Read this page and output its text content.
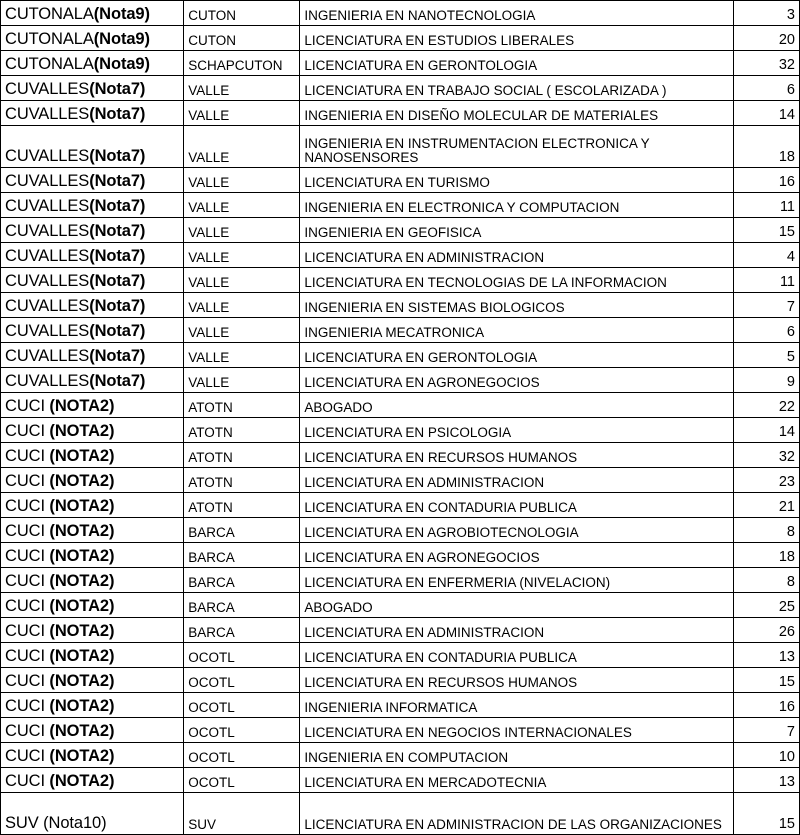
CUTONALA(Nota9)	CUTON	INGENIERIA EN NANOTECNOLOGIA	3
CUTONALA(Nota9)	CUTON	LICENCIATURA EN ESTUDIOS LIBERALES	20
CUTONALA(Nota9)	SCHAPCUTON	LICENCIATURA EN GERONTOLOGIA	32
CUVALLES(Nota7)	VALLE	LICENCIATURA EN TRABAJO SOCIAL ( ESCOLARIZADA )	6
CUVALLES(Nota7)	VALLE	INGENIERIA EN DISEÑO MOLECULAR DE MATERIALES	14
CUVALLES(Nota7)	VALLE	INGENIERIA EN INSTRUMENTACION ELECTRONICA Y NANOSENSORES	18
CUVALLES(Nota7)	VALLE	LICENCIATURA EN TURISMO	16
CUVALLES(Nota7)	VALLE	INGENIERIA EN ELECTRONICA Y COMPUTACION	11
CUVALLES(Nota7)	VALLE	INGENIERIA EN GEOFISICA	15
CUVALLES(Nota7)	VALLE	LICENCIATURA EN ADMINISTRACION	4
CUVALLES(Nota7)	VALLE	LICENCIATURA EN TECNOLOGIAS DE LA INFORMACION	11
CUVALLES(Nota7)	VALLE	INGENIERIA EN SISTEMAS BIOLOGICOS	7
CUVALLES(Nota7)	VALLE	INGENIERIA MECATRONICA	6
CUVALLES(Nota7)	VALLE	LICENCIATURA EN GERONTOLOGIA	5
CUVALLES(Nota7)	VALLE	LICENCIATURA EN AGRONEGOCIOS	9
CUCI (NOTA2)	ATOTN	ABOGADO	22
CUCI (NOTA2)	ATOTN	LICENCIATURA EN PSICOLOGIA	14
CUCI (NOTA2)	ATOTN	LICENCIATURA EN RECURSOS HUMANOS	32
CUCI (NOTA2)	ATOTN	LICENCIATURA EN ADMINISTRACION	23
CUCI (NOTA2)	ATOTN	LICENCIATURA EN CONTADURIA PUBLICA	21
CUCI (NOTA2)	BARCA	LICENCIATURA EN AGROBIOTECNOLOGIA	8
CUCI (NOTA2)	BARCA	LICENCIATURA EN AGRONEGOCIOS	18
CUCI (NOTA2)	BARCA	LICENCIATURA EN ENFERMERIA (NIVELACION)	8
CUCI (NOTA2)	BARCA	ABOGADO	25
CUCI (NOTA2)	BARCA	LICENCIATURA EN ADMINISTRACION	26
CUCI (NOTA2)	OCOTL	LICENCIATURA EN CONTADURIA PUBLICA	13
CUCI (NOTA2)	OCOTL	LICENCIATURA EN RECURSOS HUMANOS	15
CUCI (NOTA2)	OCOTL	INGENIERIA INFORMATICA	16
CUCI (NOTA2)	OCOTL	LICENCIATURA EN NEGOCIOS INTERNACIONALES	7
CUCI (NOTA2)	OCOTL	INGENIERIA EN COMPUTACION	10
CUCI (NOTA2)	OCOTL	LICENCIATURA EN MERCADOTECNIA	13
SUV (Nota10)	SUV	LICENCIATURA EN ADMINISTRACION DE LAS ORGANIZACIONES	15
